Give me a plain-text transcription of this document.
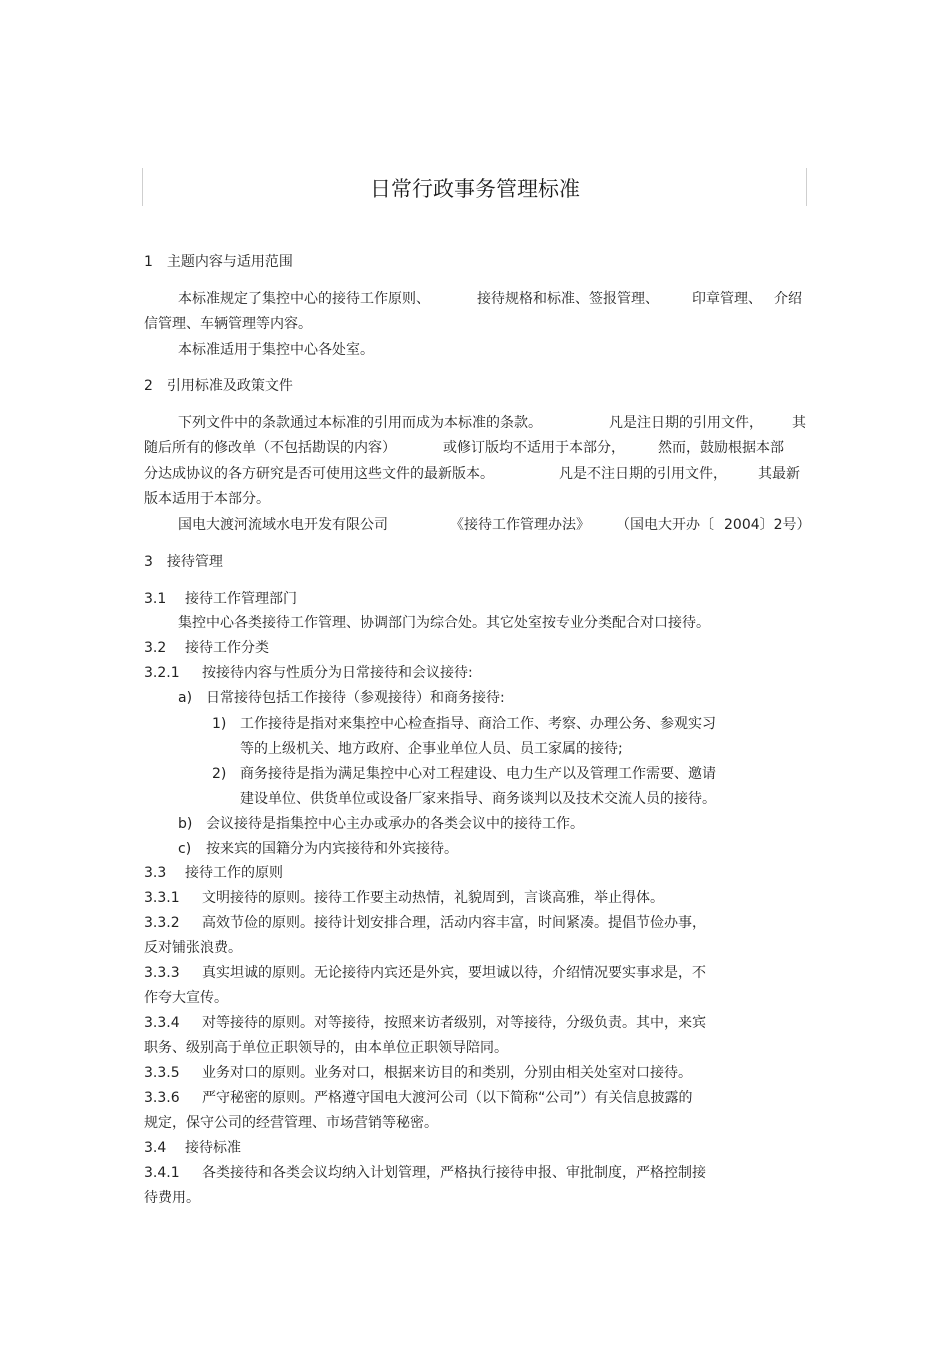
日常行政事务管理标准
1　主题内容与适用范围
本标准规定了集控中心的接待工作原则、	接待规格和标准、签报管理、 印章管理、 介绍
信管理、车辆管理等内容。
本标准适用于集控中心各处室。
2　引用标准及政策文件
下列文件中的条款通过本标准的引用而成为本标准的条款。	凡是注日期的引用文件， 其
随后所有的修改单（不包括勘误的内容）	或修订版均不适用于本部分， 然而，鼓励根据本部
分达成协议的各方研究是否可使用这些文件的最新版本。	凡是不注日期的引用文件， 其最新
版本适用于本部分。
国电大渡河流域水电开发有限公司	《接待工作管理办法》 （国电大开办〔 2004〕2号）
3　接待管理
3.1 接待工作管理部门
集控中心各类接待工作管理、协调部门为综合处。其它处室按专业分类配合对口接待。
3.2 接待工作分类
3.2.1 按接待内容与性质分为日常接待和会议接待:
a) 日常接待包括工作接待（参观接待）和商务接待:
1) 工作接待是指对来集控中心检查指导、商洽工作、考察、办理公务、参观实习
等的上级机关、地方政府、企事业单位人员、员工家属的接待;
2) 商务接待是指为满足集控中心对工程建设、电力生产以及管理工作需要、邀请
建设单位、供货单位或设备厂家来指导、商务谈判以及技术交流人员的接待。
b) 会议接待是指集控中心主办或承办的各类会议中的接待工作。
c) 按来宾的国籍分为内宾接待和外宾接待。
3.3 接待工作的原则
3.3.1 文明接待的原则。接待工作要主动热情，礼貌周到，言谈高雅，举止得体。
3.3.2 高效节俭的原则。接待计划安排合理，活动内容丰富，时间紧凑。提倡节俭办事，
反对铺张浪费。
3.3.3 真实坦诚的原则。无论接待内宾还是外宾，要坦诚以待，介绍情况要实事求是，不
作夸大宣传。
3.3.4 对等接待的原则。对等接待，按照来访者级别，对等接待，分级负责。其中，来宾
职务、级别高于单位正职领导的，由本单位正职领导陪同。
3.3.5 业务对口的原则。业务对口，根据来访目的和类别，分别由相关处室对口接待。
3.3.6 严守秘密的原则。严格遵守国电大渡河公司（以下简称“公司”）有关信息披露的
规定，保守公司的经营管理、市场营销等秘密。
3.4 接待标准
3.4.1 各类接待和各类会议均纳入计划管理，严格执行接待申报、审批制度，严格控制接
待费用。
